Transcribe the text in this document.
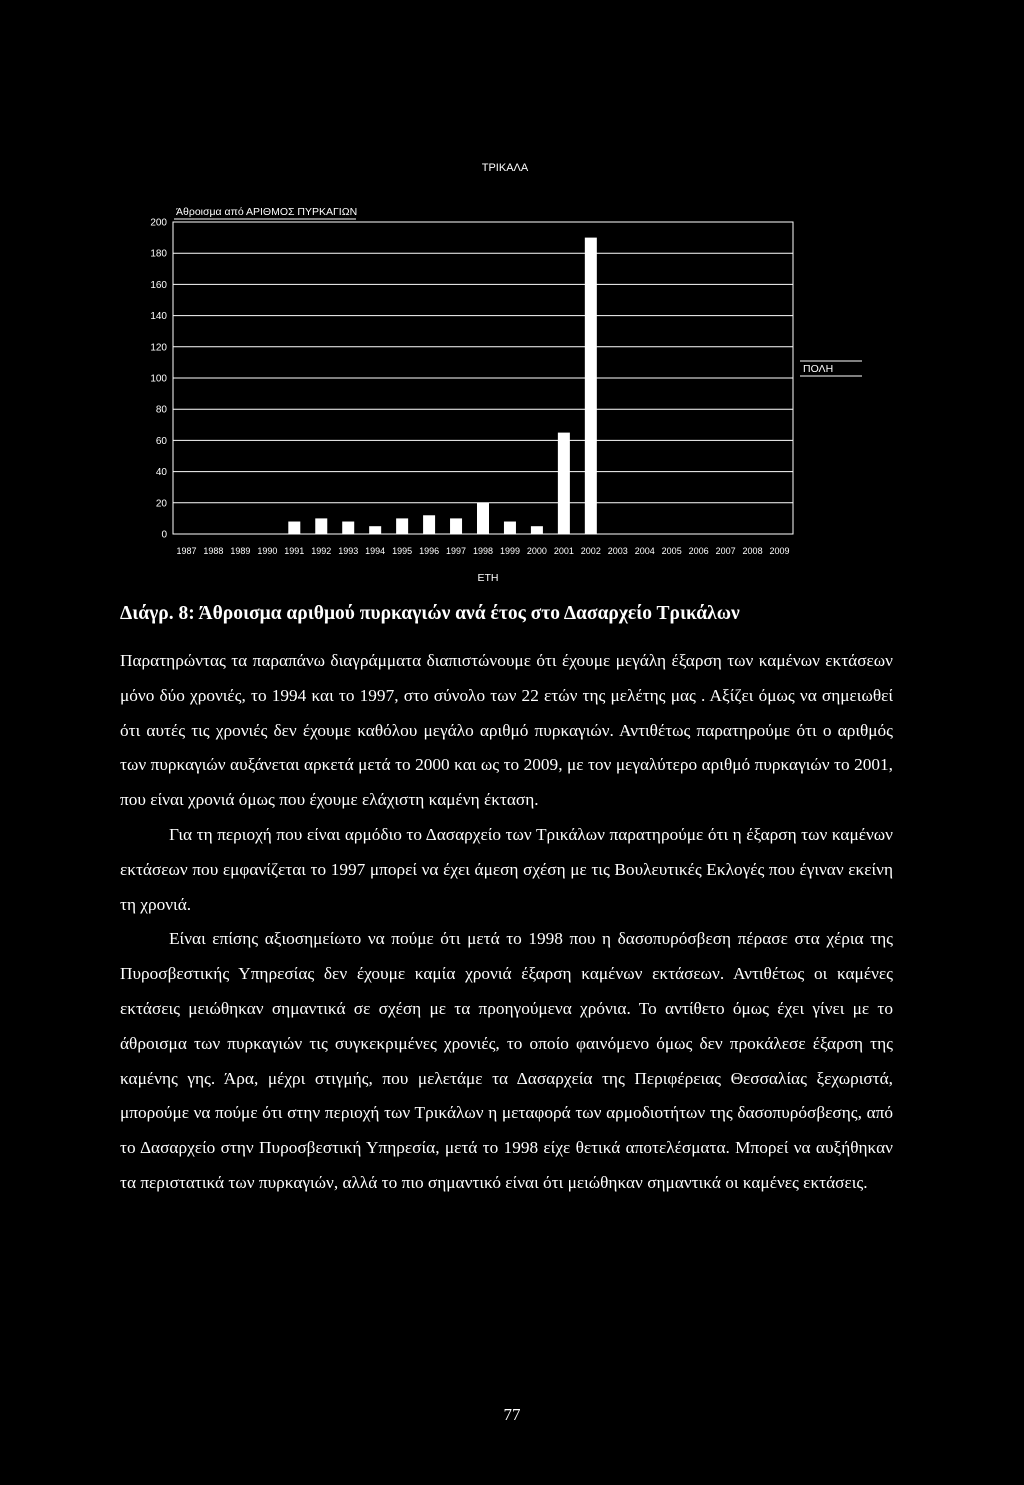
ΤΡΙΚΑΛΑ
Άθροισμα από ΑΡΙΘΜΟΣ ΠΥΡΚΑΓΙΩΝ
0
20
40
60
80
100
120
140
160
180
200
1987 1988 1989 1990 1991 1992 1993 1994 1995 1996 1997 1998 1999 2000 2001 2002 2003 2004 2005 2006 2007 2008 2009
ΠΟΛΗ
ΕΤΗ
Διάγρ. 8: Άθροισμα αριθμού πυρκαγιών ανά έτος στο Δασαρχείο Τρικάλων

Παρατηρώντας τα παραπάνω διαγράμματα διαπιστώνουμε ότι έχουμε μεγάλη έξαρση των καμένων εκτάσεων μόνο δύο χρονιές, το 1994 και το 1997, στο σύνολο των 22 ετών της μελέτης μας . Αξίζει όμως να σημειωθεί ότι αυτές τις χρονιές δεν έχουμε καθόλου μεγάλο αριθμό πυρκαγιών. Αντιθέτως παρατηρούμε ότι ο αριθμός των πυρκαγιών αυξάνεται αρκετά μετά το 2000 και ως το 2009, με τον μεγαλύτερο αριθμό πυρκαγιών το 2001, που είναι χρονιά όμως που έχουμε ελάχιστη καμένη έκταση.

Για τη περιοχή που είναι αρμόδιο το Δασαρχείο των Τρικάλων παρατηρούμε ότι η έξαρση των καμένων εκτάσεων που εμφανίζεται το 1997 μπορεί να έχει άμεση σχέση με τις Βουλευτικές Εκλογές που έγιναν εκείνη τη χρονιά.

Είναι επίσης αξιοσημείωτο να πούμε ότι μετά το 1998 που η δασοπυρόσβεση πέρασε στα χέρια της Πυροσβεστικής Υπηρεσίας δεν έχουμε καμία χρονιά έξαρση καμένων εκτάσεων. Αντιθέτως οι καμένες εκτάσεις μειώθηκαν σημαντικά σε σχέση με τα προηγούμενα χρόνια. Το αντίθετο όμως έχει γίνει με το άθροισμα των πυρκαγιών τις συγκεκριμένες χρονιές, το οποίο φαινόμενο όμως δεν προκάλεσε έξαρση της καμένης γης. Άρα, μέχρι στιγμής, που μελετάμε τα Δασαρχεία της Περιφέρειας Θεσσαλίας ξεχωριστά, μπορούμε να πούμε ότι στην περιοχή των Τρικάλων η μεταφορά των αρμοδιοτήτων της δασοπυρόσβεσης, από το Δασαρχείο στην Πυροσβεστική Υπηρεσία, μετά το 1998 είχε θετικά αποτελέσματα. Μπορεί να αυξήθηκαν τα περιστατικά των πυρκαγιών, αλλά το πιο σημαντικό είναι ότι μειώθηκαν σημαντικά οι καμένες εκτάσεις.

77
